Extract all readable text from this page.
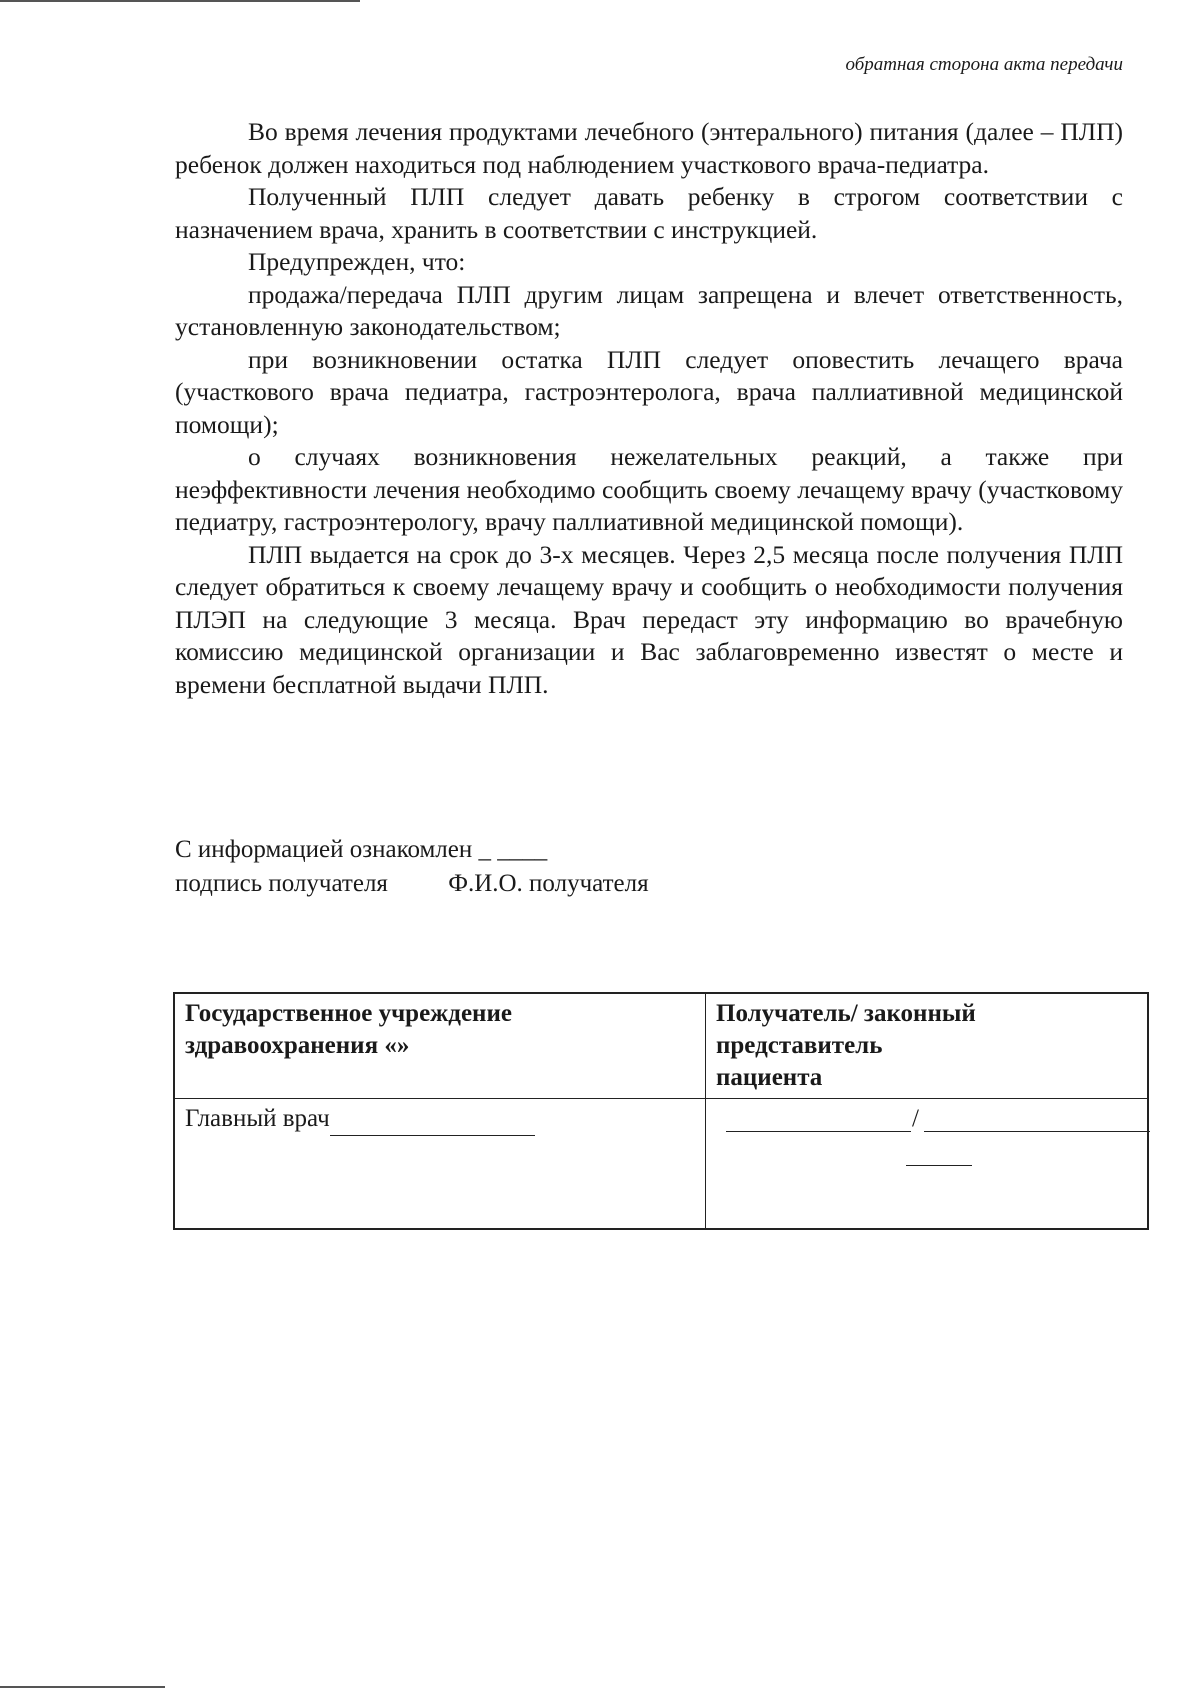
обратная сторона акта передачи

Во время лечения продуктами лечебного (энтерального) питания (далее – ПЛП) ребенок должен находиться под наблюдением участкового врача-педиатра.

Полученный ПЛП следует давать ребенку в строгом соответствии с назначением врача, хранить в соответствии с инструкцией.

Предупрежден, что:

продажа/передача ПЛП другим лицам запрещена и влечет ответственность, установленную законодательством;

при возникновении остатка ПЛП следует оповестить лечащего врача (участкового врача педиатра, гастроэнтеролога, врача паллиативной медицинской помощи);

о случаях возникновения нежелательных реакций, а также при неэффективности лечения необходимо сообщить своему лечащему врачу (участковому педиатру, гастроэнтерологу, врачу паллиативной медицинской помощи).

ПЛП выдается на срок до 3-х месяцев. Через 2,5 месяца после получения ПЛП следует обратиться к своему лечащему врачу и сообщить о необходимости получения ПЛЭП на следующие 3 месяца. Врач передаст эту информацию во врачебную комиссию медицинской организации и Вас заблаговременно известят о месте и времени бесплатной выдачи ПЛП.

С информацией ознакомлен _ ____
подпись получателя Ф.И.О. получателя
Государственное учреждение здравоохранения «»	Получатель/ законный
представитель
пациента

Главный врач	/
